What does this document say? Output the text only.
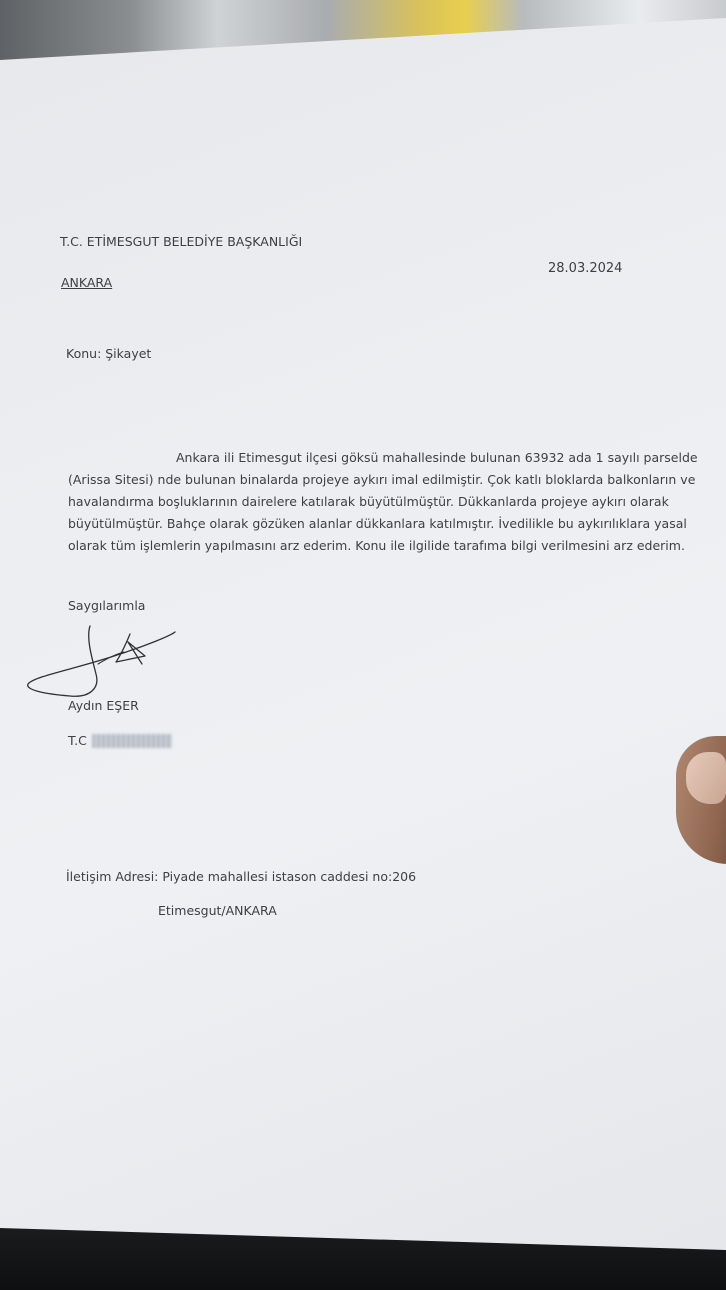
T.C. ETİMESGUT BELEDİYE BAŞKANLIĞI

ANKARA

28.03.2024

Konu: Şikayet

Ankara ili Etimesgut ilçesi göksü mahallesinde bulunan 63932 ada 1 sayılı parselde

(Arissa Sitesi) nde bulunan binalarda projeye aykırı imal edilmiştir. Çok katlı bloklarda balkonların ve

havalandırma boşluklarının dairelere katılarak büyütülmüştür. Dükkanlarda projeye aykırı olarak

büyütülmüştür. Bahçe olarak gözüken alanlar dükkanlara katılmıştır. İvedilikle bu aykırılıklara yasal

olarak tüm işlemlerin yapılmasını arz ederim. Konu ile ilgilide tarafıma bilgi verilmesini arz ederim.

Saygılarımla

Aydın EŞER

T.C

İletişim Adresi: Piyade mahallesi istason caddesi no:206

Etimesgut/ANKARA
